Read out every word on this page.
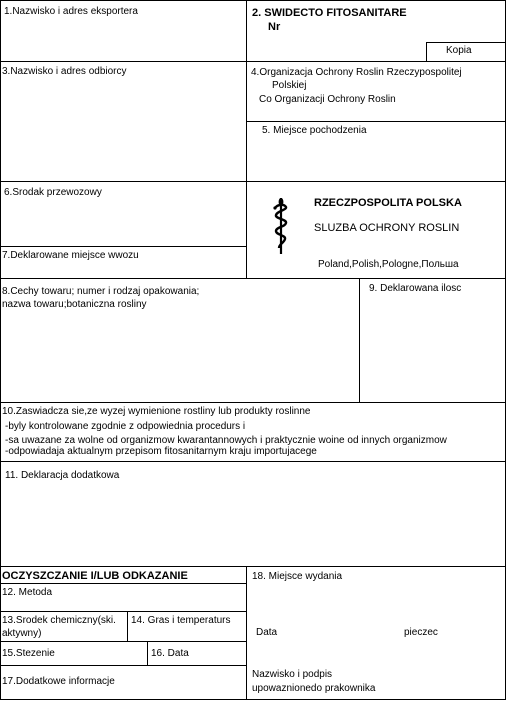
1.Nazwisko i adres eksportera	2. SWIDECTO FITOSANITARE
Nr
Kopia
3.Nazwisko i adres odbiorcy	4.Organizacja Ochrony Roslin Rzeczypospolitej
Polskiej
Co Organizacji Ochrony Roslin
5. Miejsce pochodzenia
6.Srodak przewozowy
7.Deklarowane miejsce wwozu
RZECZPOSPOLITA POLSKA
SLUZBA OCHRONY ROSLIN
Poland,Polish,Pologne,Польша
8.Cechy towaru; numer i rodzaj opakowania;
nazwa towaru;botaniczna rosliny
9. Deklarowana ilosc
10.Zaswiadcza sie,ze wyzej wymienione rostliny lub produkty roslinne
-byly kontrolowane zgodnie z odpowiednia procedurs i
-sa uwazane za wolne od organizmow kwarantannowych i praktycznie woine od innych organizmow
-odpowiadaja aktualnym przepisom fitosanitarnym kraju importujacege
11. Deklaracja dodatkowa
OCZYSZCZANIE I/LUB ODKAZANIE
12. Metoda
13.Srodek chemiczny(ski.
aktywny)
14. Gras i temperaturs
15.Stezenie	16. Data
17.Dodatkowe informacje
18. Miejsce wydania
Data	pieczec
Nazwisko i podpis
upowaznionedo prakownika
